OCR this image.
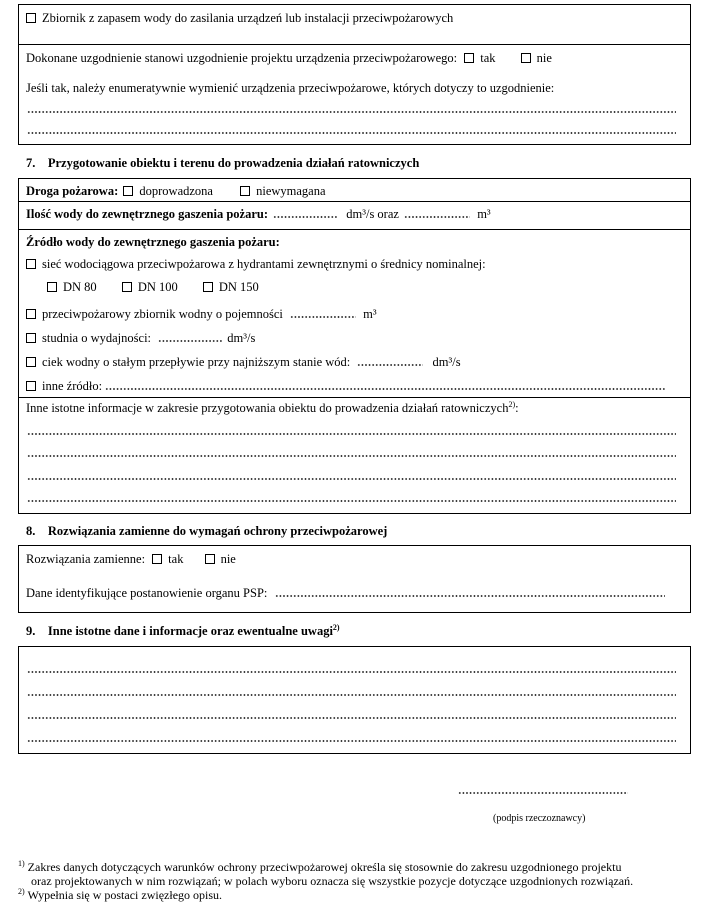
Zbiornik z zapasem wody do zasilania urządzeń lub instalacji przeciwpożarowych
Dokonane uzgodnienie stanowi uzgodnienie projektu urządzenia przeciwpożarowego: tak	nie
Jeśli tak, należy enumeratywnie wymienić urządzenia przeciwpożarowe, których dotyczy to uzgodnienie:
7. Przygotowanie obiektu i terenu do prowadzenia działań ratowniczych
Droga pożarowa: doprowadzona	niewymagana
Ilość wody do zewnętrznego gaszenia pożaru:	dm³/s oraz	m³
Źródło wody do zewnętrznego gaszenia pożaru:
sieć wodociągowa przeciwpożarowa z hydrantami zewnętrznymi o średnicy nominalnej:
DN 80	DN 100	DN 150
przeciwpożarowy zbiornik wodny o pojemności	m³
studnia o wydajności:	dm³/s
ciek wodny o stałym przepływie przy najniższym stanie wód:	dm³/s
inne źródło:
Inne istotne informacje w zakresie przygotowania obiektu do prowadzenia działań ratowniczych$^{2)}$:
8. Rozwiązania zamienne do wymagań ochrony przeciwpożarowej
Rozwiązania zamienne: tak	nie
Dane identyfikujące postanowienie organu PSP:
9. Inne istotne dane i informacje oraz ewentualne uwagi$^{2)}$
(podpis rzeczoznawcy)
$^{1)}$ Zakres danych dotyczących warunków ochrony przeciwpożarowej określa się stosownie do zakresu uzgodnionego projektu
oraz projektowanych w nim rozwiązań; w polach wyboru oznacza się wszystkie pozycje dotyczące uzgodnionych rozwiązań.
$^{2)}$ Wypełnia się w postaci zwięzłego opisu.
